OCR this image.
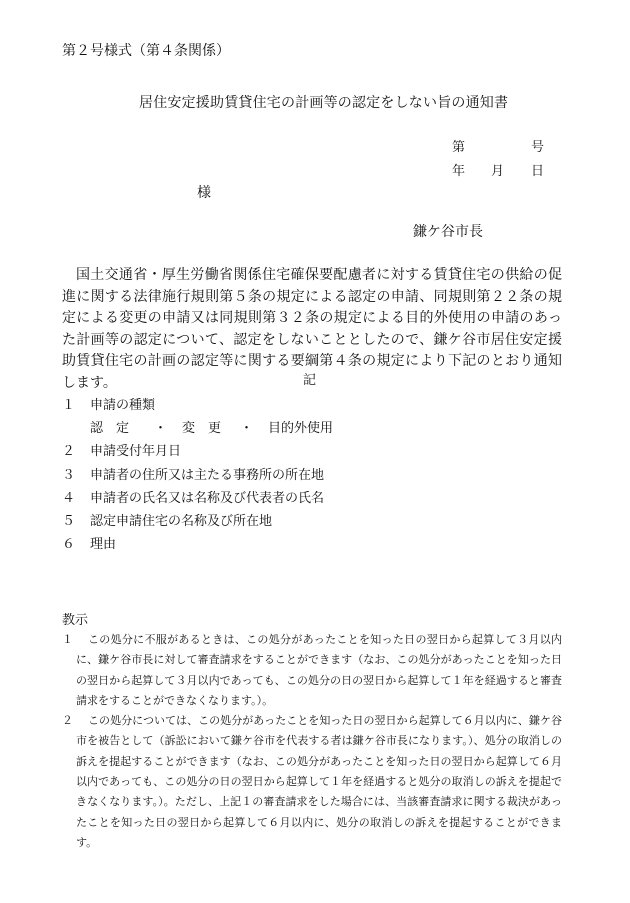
第２号様式（第４条関係）
居住安定援助賃貸住宅の計画等の認定をしない旨の通知書
第	号
年 月 日
様
鎌ケ谷市長
国土交通省・厚生労働省関係住宅確保要配慮者に対する賃貸住宅の供給の促進に関する法律施行規則第５条の規定による認定の申請、同規則第２２条の規定による変更の申請又は同規則第３２条の規定による目的外使用の申請のあった計画等の認定について、認定をしないこととしたので、鎌ケ谷市居住安定援助賃貸住宅の計画の認定等に関する要綱第４条の規定により下記のとおり通知します。	記
１	申請の種類
認　定	・	変　更	・	目的外使用
２	申請受付年月日
３	申請者の住所又は主たる事務所の所在地
４	申請者の氏名又は名称及び代表者の氏名
５	認定申請住宅の名称及び所在地
６	理由
教示
１	この処分に不服があるときは、この処分があったことを知った日の翌日から起算して３月以内に、鎌ケ谷市長に対して審査請求をすることができます（なお、この処分があったことを知った日の翌日から起算して３月以内であっても、この処分の日の翌日から起算して１年を経過すると審査請求をすることができなくなります。）。
２	この処分については、この処分があったことを知った日の翌日から起算して６月以内に、鎌ケ谷市を被告として（訴訟において鎌ケ谷市を代表する者は鎌ケ谷市長になります。）、処分の取消しの訴えを提起することができます（なお、この処分があったことを知った日の翌日から起算して６月以内であっても、この処分の日の翌日から起算して１年を経過すると処分の取消しの訴えを提起できなくなります。）。ただし、上記１の審査請求をした場合には、当該審査請求に関する裁決があったことを知った日の翌日から起算して６月以内に、処分の取消しの訴えを提起することができます。
